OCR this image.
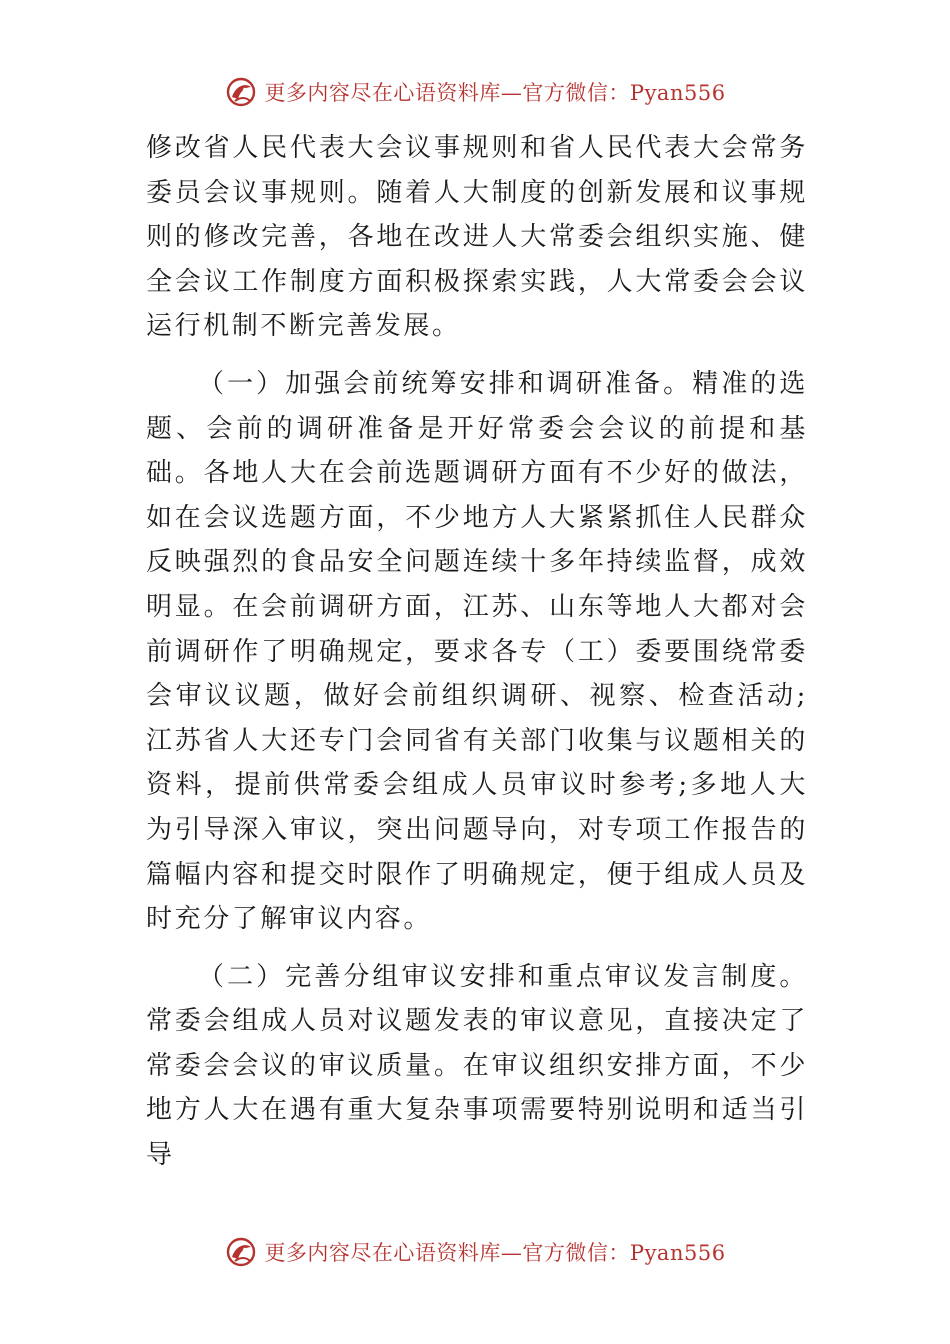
更多内容尽在心语资料库—官方微信：Pyan556

修改省人民代表大会议事规则和省人民代表大会常务委员会议事规则。随着人大制度的创新发展和议事规则的修改完善，各地在改进人大常委会组织实施、健全会议工作制度方面积极探索实践，人大常委会会议运行机制不断完善发展。

（一）加强会前统筹安排和调研准备。精准的选题、会前的调研准备是开好常委会会议的前提和基础。各地人大在会前选题调研方面有不少好的做法，如在会议选题方面，不少地方人大紧紧抓住人民群众反映强烈的食品安全问题连续十多年持续监督，成效明显。在会前调研方面，江苏、山东等地人大都对会前调研作了明确规定，要求各专（工）委要围绕常委会审议议题，做好会前组织调研、视察、检查活动;江苏省人大还专门会同省有关部门收集与议题相关的资料，提前供常委会组成人员审议时参考;多地人大为引导深入审议，突出问题导向，对专项工作报告的篇幅内容和提交时限作了明确规定，便于组成人员及时充分了解审议内容。

（二）完善分组审议安排和重点审议发言制度。常委会组成人员对议题发表的审议意见，直接决定了常委会会议的审议质量。在审议组织安排方面，不少地方人大在遇有重大复杂事项需要特别说明和适当引导

更多内容尽在心语资料库—官方微信：Pyan556
